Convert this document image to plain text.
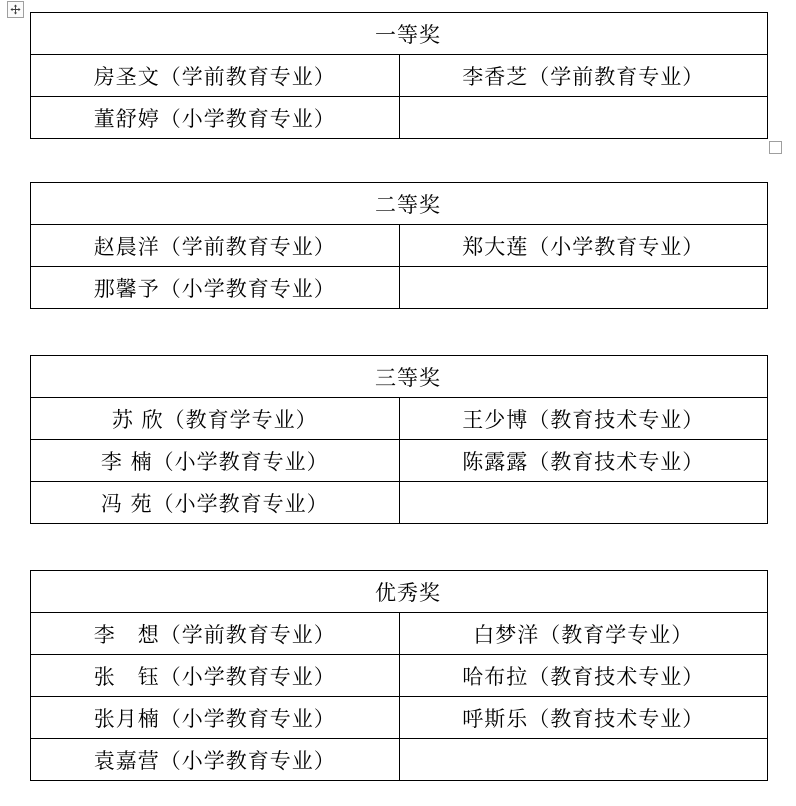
一等奖	
房圣文（学前教育专业）	李香芝（学前教育专业）
董舒婷（小学教育专业）	
二等奖	
赵晨洋（学前教育专业）	郑大莲（小学教育专业）
那馨予（小学教育专业）	
三等奖	
苏 欣（教育学专业）	王少博（教育技术专业）
李 楠（小学教育专业）	陈露露（教育技术专业）
冯 苑（小学教育专业）	
优秀奖	
李　想（学前教育专业）	白梦洋（教育学专业）
张　钰（小学教育专业）	哈布拉（教育技术专业）
张月楠（小学教育专业）	呼斯乐（教育技术专业）
袁嘉营（小学教育专业）	
